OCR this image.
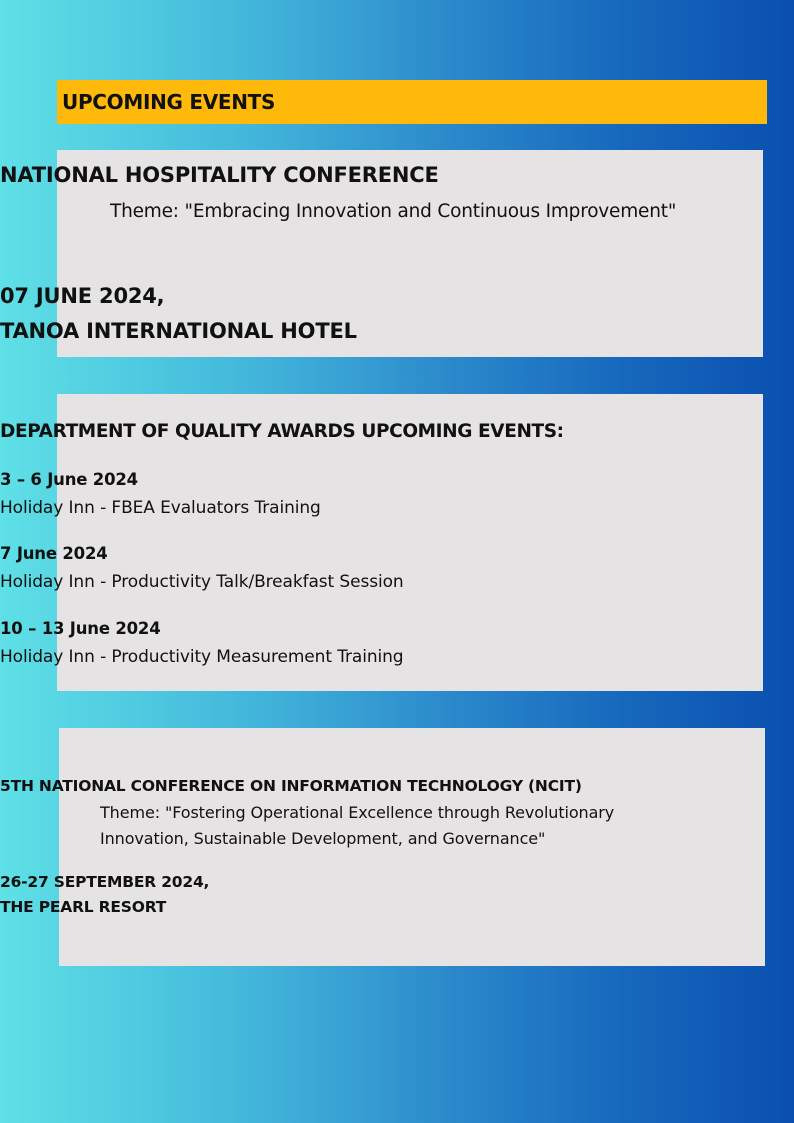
UPCOMING EVENTS
NATIONAL HOSPITALITY CONFERENCE
Theme: "Embracing Innovation and Continuous Improvement"
07 JUNE 2024,
TANOA INTERNATIONAL HOTEL
DEPARTMENT OF QUALITY AWARDS UPCOMING EVENTS:
3 – 6 June 2024
Holiday Inn - FBEA Evaluators Training
7 June 2024
Holiday Inn - Productivity Talk/Breakfast Session
10 – 13 June 2024
Holiday Inn - Productivity Measurement Training
5TH NATIONAL CONFERENCE ON INFORMATION TECHNOLOGY (NCIT)
Theme: "Fostering Operational Excellence through Revolutionary Innovation, Sustainable Development, and Governance"
26-27 SEPTEMBER 2024,
THE PEARL RESORT
